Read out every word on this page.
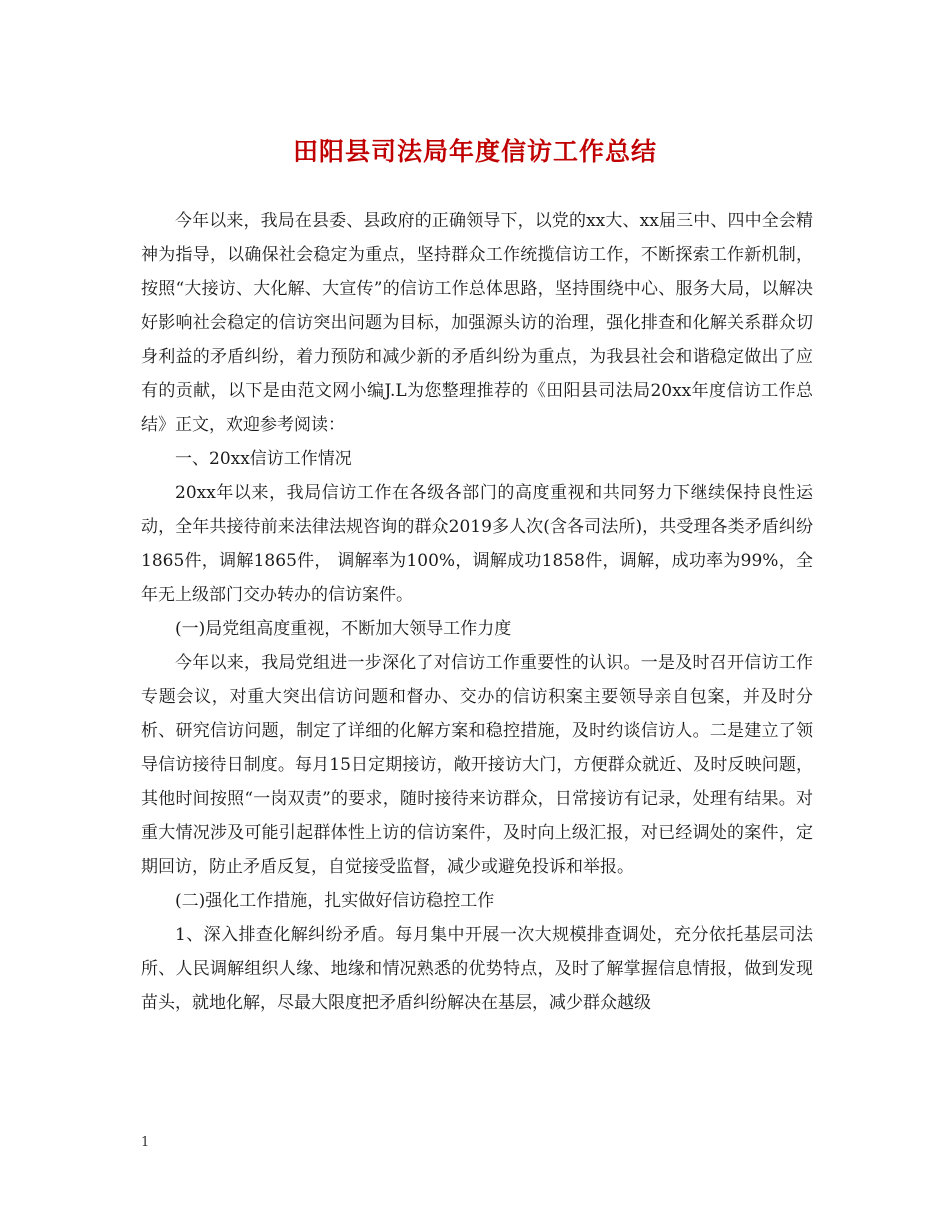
田阳县司法局年度信访工作总结

今年以来，我局在县委、县政府的正确领导下，以党的xx大、xx届三中、四中全会精神为指导，以确保社会稳定为重点，坚持群众工作统揽信访工作，不断探索工作新机制，按照“大接访、大化解、大宣传”的信访工作总体思路，坚持围绕中心、服务大局，以解决好影响社会稳定的信访突出问题为目标，加强源头访的治理，强化排查和化解关系群众切身利益的矛盾纠纷，着力预防和减少新的矛盾纠纷为重点，为我县社会和谐稳定做出了应有的贡献，以下是由范文网小编J.L为您整理推荐的《田阳县司法局20xx年度信访工作总结》正文，欢迎参考阅读：

一、20xx信访工作情况

20xx年以来，我局信访工作在各级各部门的高度重视和共同努力下继续保持良性运动，全年共接待前来法律法规咨询的群众2019多人次(含各司法所)，共受理各类矛盾纠纷1865件，调解1865件， 调解率为100%，调解成功1858件，调解，成功率为99%，全年无上级部门交办转办的信访案件。

(一)局党组高度重视，不断加大领导工作力度

今年以来，我局党组进一步深化了对信访工作重要性的认识。一是及时召开信访工作专题会议，对重大突出信访问题和督办、交办的信访积案主要领导亲自包案，并及时分析、研究信访问题，制定了详细的化解方案和稳控措施，及时约谈信访人。二是建立了领导信访接待日制度。每月15日定期接访，敞开接访大门，方便群众就近、及时反映问题，其他时间按照“一岗双责”的要求，随时接待来访群众，日常接访有记录，处理有结果。对重大情况涉及可能引起群体性上访的信访案件，及时向上级汇报，对已经调处的案件，定期回访，防止矛盾反复，自觉接受监督，减少或避免投诉和举报。

(二)强化工作措施，扎实做好信访稳控工作

1、深入排查化解纠纷矛盾。每月集中开展一次大规模排查调处，充分依托基层司法所、人民调解组织人缘、地缘和情况熟悉的优势特点，及时了解掌握信息情报，做到发现苗头，就地化解，尽最大限度把矛盾纠纷解决在基层，减少群众越级

1
